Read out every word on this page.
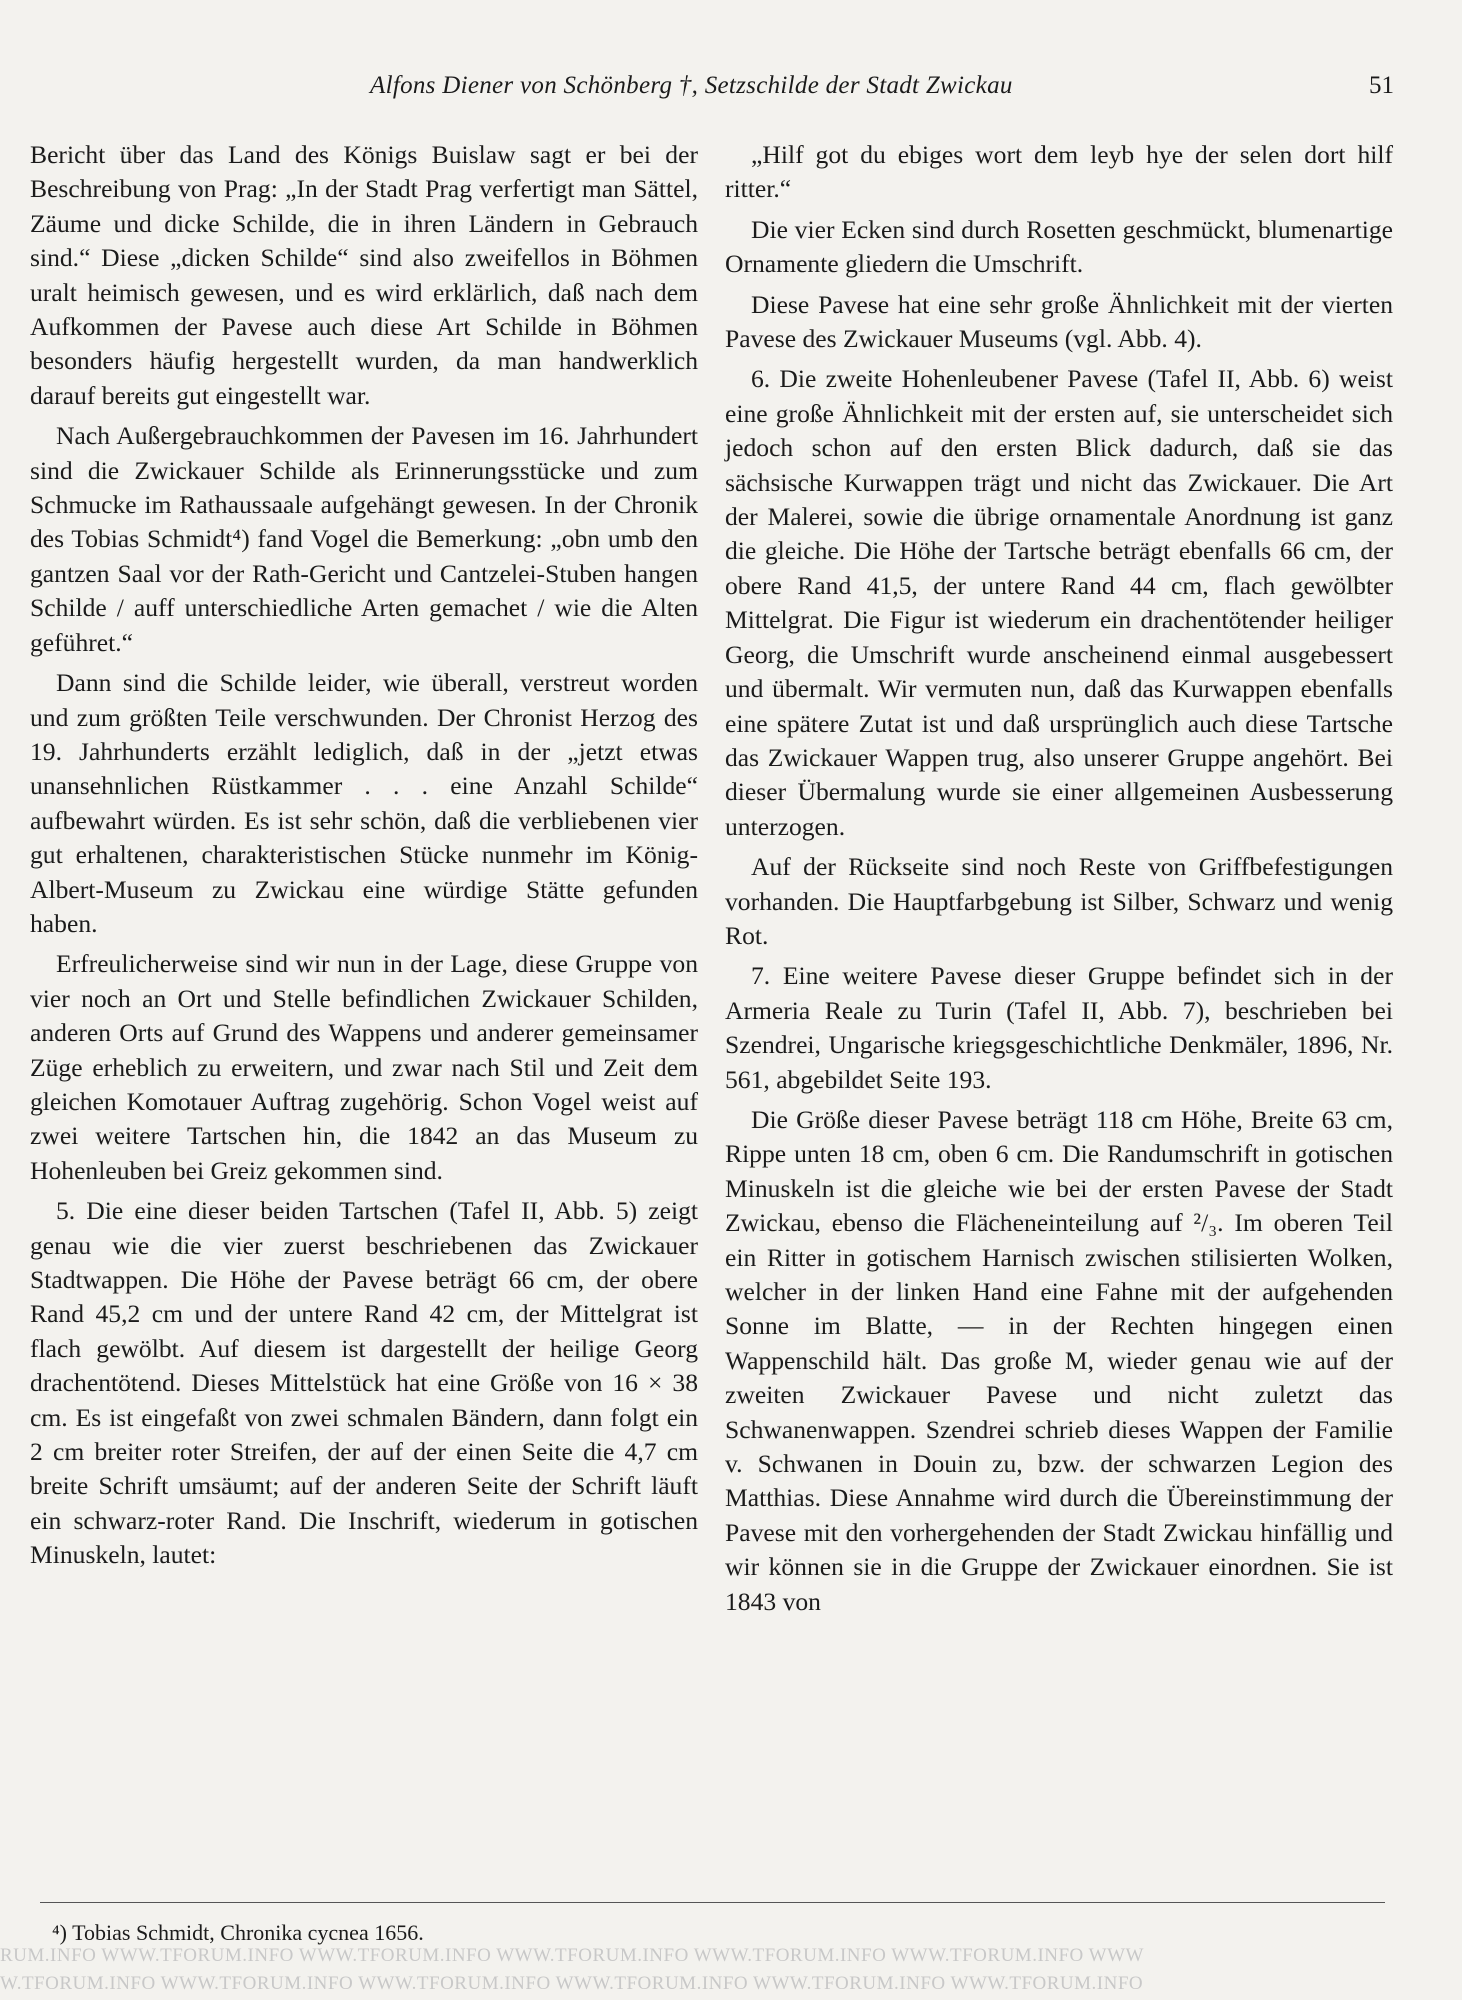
Alfons Diener von Schönberg †, Setzschilde der Stadt Zwickau	51

Bericht über das Land des Königs Buislaw sagt er bei der Beschreibung von Prag: „In der Stadt Prag verfertigt man Sättel, Zäume und dicke Schilde, die in ihren Ländern in Gebrauch sind.“ Diese „dicken Schilde“ sind also zweifellos in Böhmen uralt heimisch gewesen, und es wird erklärlich, daß nach dem Aufkommen der Pavese auch diese Art Schilde in Böhmen besonders häufig hergestellt wurden, da man handwerklich darauf bereits gut eingestellt war.

Nach Außergebrauchkommen der Pavesen im 16. Jahrhundert sind die Zwickauer Schilde als Erinnerungsstücke und zum Schmucke im Rathaussaale aufgehängt gewesen. In der Chronik des Tobias Schmidt⁴) fand Vogel die Bemerkung: „obn umb den gantzen Saal vor der Rath-Gericht und Cantzelei-Stuben hangen Schilde / auff unterschiedliche Arten gemachet / wie die Alten geführet.“

Dann sind die Schilde leider, wie überall, verstreut worden und zum größten Teile verschwunden. Der Chronist Herzog des 19. Jahrhunderts erzählt lediglich, daß in der „jetzt etwas unansehnlichen Rüstkammer . . . eine Anzahl Schilde“ aufbewahrt würden. Es ist sehr schön, daß die verbliebenen vier gut erhaltenen, charakteristischen Stücke nunmehr im König-Albert-Museum zu Zwickau eine würdige Stätte gefunden haben.

Erfreulicherweise sind wir nun in der Lage, diese Gruppe von vier noch an Ort und Stelle befindlichen Zwickauer Schilden, anderen Orts auf Grund des Wappens und anderer gemeinsamer Züge erheblich zu erweitern, und zwar nach Stil und Zeit dem gleichen Komotauer Auftrag zugehörig. Schon Vogel weist auf zwei weitere Tartschen hin, die 1842 an das Museum zu Hohenleuben bei Greiz gekommen sind.

5. Die eine dieser beiden Tartschen (Tafel II, Abb. 5) zeigt genau wie die vier zuerst beschriebenen das Zwickauer Stadtwappen. Die Höhe der Pavese beträgt 66 cm, der obere Rand 45,2 cm und der untere Rand 42 cm, der Mittelgrat ist flach gewölbt. Auf diesem ist dargestellt der heilige Georg drachentötend. Dieses Mittelstück hat eine Größe von 16 × 38 cm. Es ist eingefaßt von zwei schmalen Bändern, dann folgt ein 2 cm breiter roter Streifen, der auf der einen Seite die 4,7 cm breite Schrift umsäumt; auf der anderen Seite der Schrift läuft ein schwarz-roter Rand. Die Inschrift, wiederum in gotischen Minuskeln, lautet:

„Hilf got du ebiges wort dem leyb hye der selen dort hilf ritter.“

Die vier Ecken sind durch Rosetten geschmückt, blumenartige Ornamente gliedern die Umschrift.

Diese Pavese hat eine sehr große Ähnlichkeit mit der vierten Pavese des Zwickauer Museums (vgl. Abb. 4).

6. Die zweite Hohenleubener Pavese (Tafel II, Abb. 6) weist eine große Ähnlichkeit mit der ersten auf, sie unterscheidet sich jedoch schon auf den ersten Blick dadurch, daß sie das sächsische Kurwappen trägt und nicht das Zwickauer. Die Art der Malerei, sowie die übrige ornamentale Anordnung ist ganz die gleiche. Die Höhe der Tartsche beträgt ebenfalls 66 cm, der obere Rand 41,5, der untere Rand 44 cm, flach gewölbter Mittelgrat. Die Figur ist wiederum ein drachentötender heiliger Georg, die Umschrift wurde anscheinend einmal ausgebessert und übermalt. Wir vermuten nun, daß das Kurwappen ebenfalls eine spätere Zutat ist und daß ursprünglich auch diese Tartsche das Zwickauer Wappen trug, also unserer Gruppe angehört. Bei dieser Übermalung wurde sie einer allgemeinen Ausbesserung unterzogen.

Auf der Rückseite sind noch Reste von Griffbefestigungen vorhanden. Die Hauptfarbgebung ist Silber, Schwarz und wenig Rot.

7. Eine weitere Pavese dieser Gruppe befindet sich in der Armeria Reale zu Turin (Tafel II, Abb. 7), beschrieben bei Szendrei, Ungarische kriegsgeschichtliche Denkmäler, 1896, Nr. 561, abgebildet Seite 193.

Die Größe dieser Pavese beträgt 118 cm Höhe, Breite 63 cm, Rippe unten 18 cm, oben 6 cm. Die Randumschrift in gotischen Minuskeln ist die gleiche wie bei der ersten Pavese der Stadt Zwickau, ebenso die Flächeneinteilung auf ²/₃. Im oberen Teil ein Ritter in gotischem Harnisch zwischen stilisierten Wolken, welcher in der linken Hand eine Fahne mit der aufgehenden Sonne im Blatte, — in der Rechten hingegen einen Wappenschild hält. Das große M, wieder genau wie auf der zweiten Zwickauer Pavese und nicht zuletzt das Schwanenwappen. Szendrei schrieb dieses Wappen der Familie v. Schwanen in Douin zu, bzw. der schwarzen Legion des Matthias. Diese Annahme wird durch die Übereinstimmung der Pavese mit den vorhergehenden der Stadt Zwickau hinfällig und wir können sie in die Gruppe der Zwickauer einordnen. Sie ist 1843 von

⁴) Tobias Schmidt, Chronika cycnea 1656.
RUM.INFO WWW.TFORUM.INFO WWW.TFORUM.INFO WWW.TFORUM.INFO WWW.TFORUM.INFO WWW.TFORUM.INFO WWW
W.TFORUM.INFO WWW.TFORUM.INFO WWW.TFORUM.INFO WWW.TFORUM.INFO WWW.TFORUM.INFO WWW.TFORUM.INFO
